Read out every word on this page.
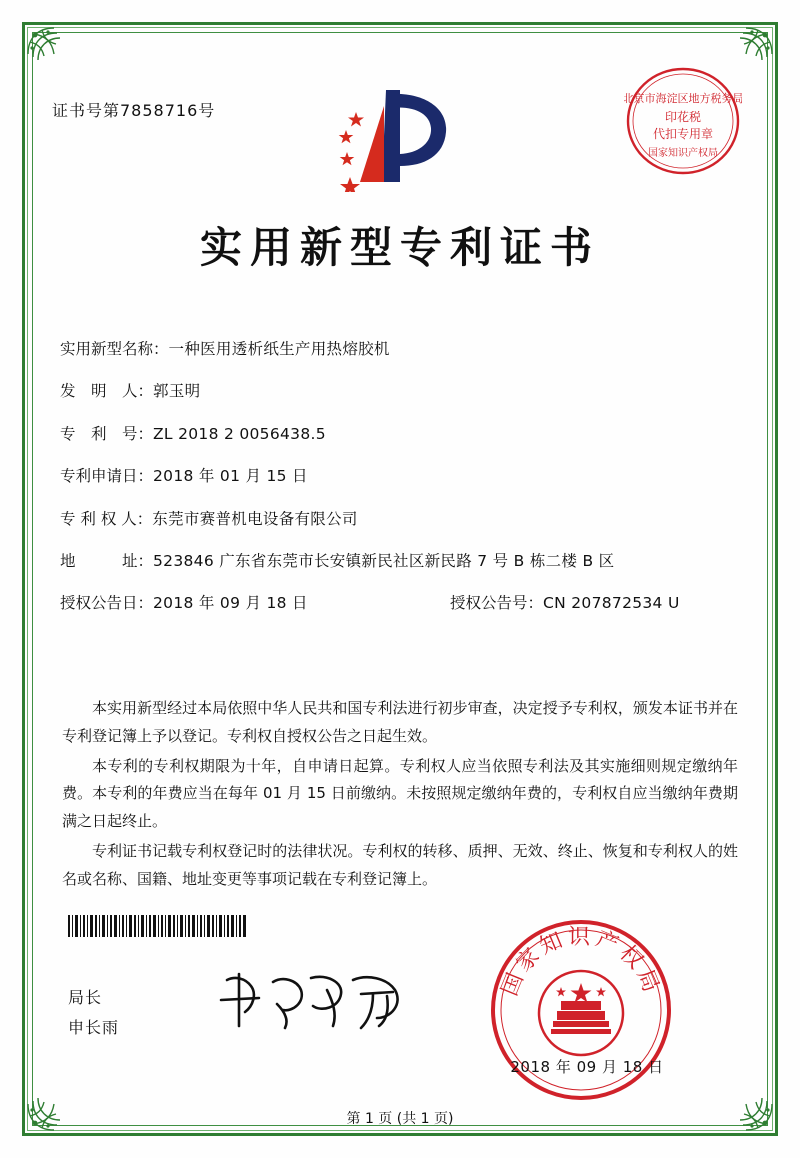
证书号第7858716号
北京市海淀区地方税务局
印花税
代扣专用章
国家知识产权局
实用新型专利证书
实用新型名称： 一种医用透析纸生产用热熔胶机
发　明　人： 郭玉明
专　利　号： ZL 2018 2 0056438.5
专利申请日： 2018 年 01 月 15 日
专 利 权 人： 东莞市赛普机电设备有限公司
地　　　址： 523846 广东省东莞市长安镇新民社区新民路 7 号 B 栋二楼 B 区
授权公告日： 2018 年 09 月 18 日	授权公告号： CN 207872534 U

本实用新型经过本局依照中华人民共和国专利法进行初步审查，决定授予专利权，颁发本证书并在专利登记簿上予以登记。专利权自授权公告之日起生效。

本专利的专利权期限为十年，自申请日起算。专利权人应当依照专利法及其实施细则规定缴纳年费。本专利的年费应当在每年 01 月 15 日前缴纳。未按照规定缴纳年费的，专利权自应当缴纳年费期满之日起终止。

专利证书记载专利权登记时的法律状况。专利权的转移、质押、无效、终止、恢复和专利权人的姓名或名称、国籍、地址变更等事项记载在专利登记簿上。

局长
申长雨
国家知识产权局
2018 年 09 月 18 日
第 1 页 (共 1 页)
